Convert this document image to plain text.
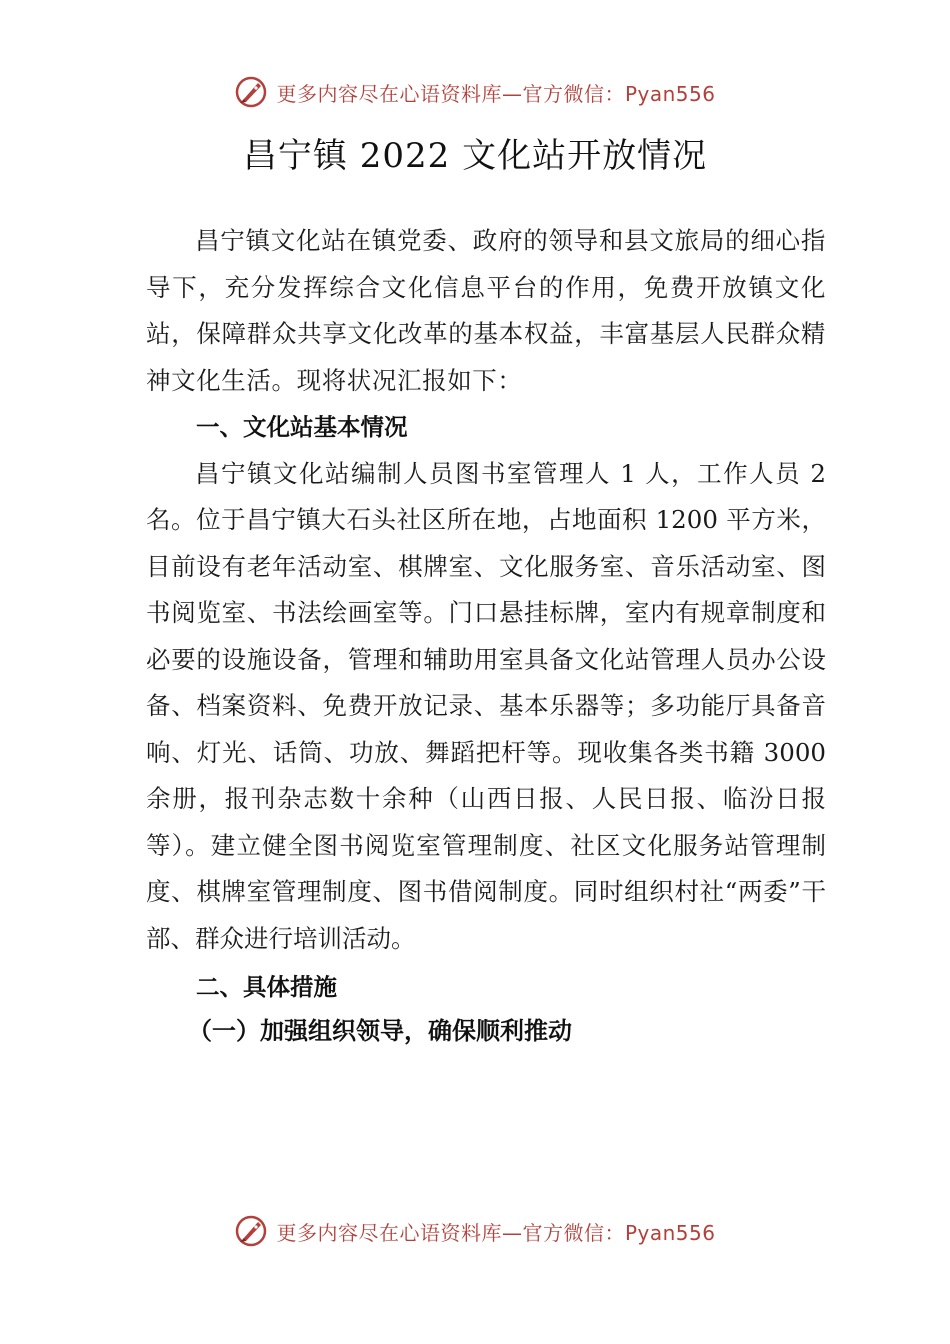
更多内容尽在心语资料库—官方微信：Pyan556
昌宁镇 2022 文化站开放情况

昌宁镇文化站在镇党委、政府的领导和县文旅局的细心指导下，充分发挥综合文化信息平台的作用，免费开放镇文化站，保障群众共享文化改革的基本权益，丰富基层人民群众精神文化生活。现将状况汇报如下：

一、文化站基本情况

昌宁镇文化站编制人员图书室管理人 1 人，工作人员 2 名。位于昌宁镇大石头社区所在地，占地面积 1200 平方米，目前设有老年活动室、棋牌室、文化服务室、音乐活动室、图书阅览室、书法绘画室等。门口悬挂标牌，室内有规章制度和必要的设施设备，管理和辅助用室具备文化站管理人员办公设备、档案资料、免费开放记录、基本乐器等；多功能厅具备音响、灯光、话筒、功放、舞蹈把杆等。现收集各类书籍 3000 余册，报刊杂志数十余种（山西日报、人民日报、临汾日报等）。建立健全图书阅览室管理制度、社区文化服务站管理制度、棋牌室管理制度、图书借阅制度。同时组织村社“两委”干部、群众进行培训活动。

二、具体措施

（一）加强组织领导，确保顺利推动

更多内容尽在心语资料库—官方微信：Pyan556
